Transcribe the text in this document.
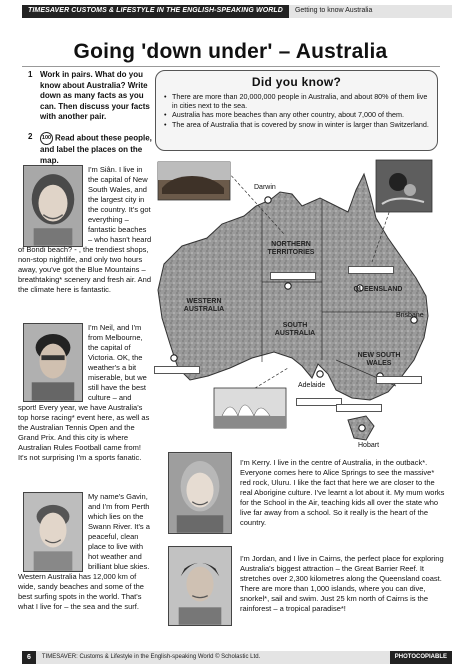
TIMESAVER CUSTOMS & LIFESTYLE IN THE ENGLISH-SPEAKING WORLD	Getting to know Australia
Going 'down under' – Australia
1 Work in pairs. What do you know about Australia? Write down as many facts as you can. Then discuss your facts with another pair.
2	100 Read about these people, and label the places on the map.
Did you know?
• There are more than 20,000,000 people in Australia, and about 80% of them live in cities next to the sea.
• Australia has more beaches than any other country, about 7,000 of them.
• The area of Australia that is covered by snow in winter is larger than Switzerland.
Darwin
NORTHERN TERRITORIES
WESTERN AUSTRALIA
SOUTH AUSTRALIA
QUEENSLAND
NEW SOUTH WALES
Brisbane
Adelaide
Hobart
I'm Siân. I live in the capital of New South Wales, and the largest city in the country. It's got everything – fantastic beaches – who hasn't heard
of Bondi beach? - , the trendiest shops, non-stop nightlife, and only two hours away, you've got the Blue Mountains – breathtaking* scenery and fresh air. And the climate here is fantastic.
I'm Neil, and I'm from Melbourne, the capital of Victoria. OK, the weather's a bit miserable, but we still have the best culture – and
sport! Every year, we have Australia's top horse racing* event here, as well as the Australian Tennis Open and the Grand Prix. And this city is where Australian Rules Football came from! It's not surprising I'm a sports fanatic.
My name's Gavin, and I'm from Perth which lies on the Swann River. It's a peaceful, clean place to live with hot weather and brilliant blue skies.
Western Australia has 12,000 km of wide, sandy beaches and some of the best surfing spots in the world. That's what I live for – the sea and the surf.
I'm Kerry. I live in the centre of Australia, in the outback*. Everyone comes here to Alice Springs to see the massive* red rock, Uluru. I like the fact that here we are closer to the real Aborigine culture. I've learnt a lot about it. My mum works for the School in the Air, teaching kids all over the state who live far away from a school. So it really is the heart of the country.
I'm Jordan, and I live in Cairns, the perfect place for exploring Australia's biggest attraction – the Great Barrier Reef. It stretches over 2,300 kilometres along the Queensland coast. There are more than 1,000 islands, where you can dive, snorkel*, sail and swim. Just 25 km north of Cairns is the rainforest – a tropical paradise*!
6	TIMESAVER: Customs & Lifestyle in the English-speaking World © Scholastic Ltd.	PHOTOCOPIABLE
